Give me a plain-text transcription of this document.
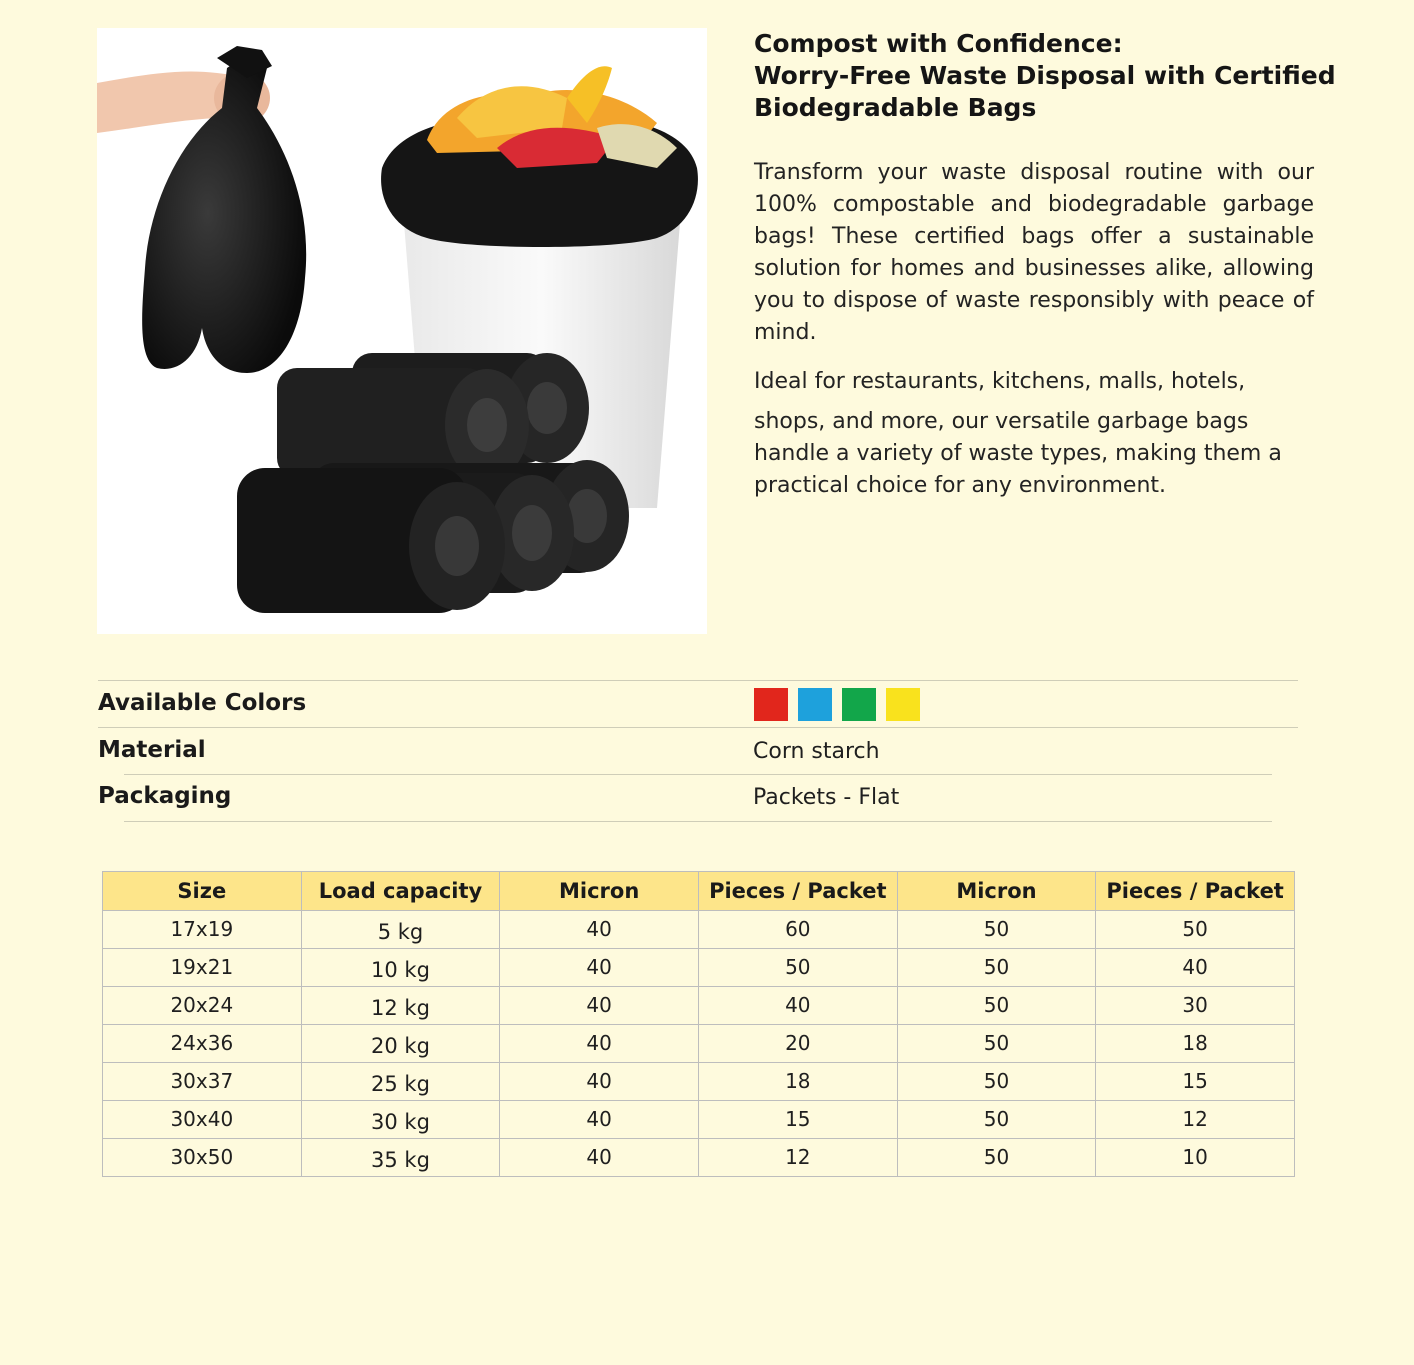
Compost with Confidence:
Worry-Free Waste Disposal with Certified
Biodegradable Bags

Transform your waste disposal routine with our 100% compostable and biodegradable garbage bags! These certified bags offer a sustainable solution for homes and businesses alike, allowing you to dispose of waste responsibly with peace of mind.

Ideal for restaurants, kitchens, malls, hotels,
shops, and more, our versatile garbage bags handle a variety of waste types, making them a practical choice for any environment.

Available Colors
Material	Corn starch
Packaging	Packets - Flat
Size	Load capacity	Micron	Pieces / Packet	Micron	Pieces / Packet
17x19	5 kg	40	60	50	50
19x21	10 kg	40	50	50	40
20x24	12 kg	40	40	50	30
24x36	20 kg	40	20	50	18
30x37	25 kg	40	18	50	15
30x40	30 kg	40	15	50	12
30x50	35 kg	40	12	50	10
